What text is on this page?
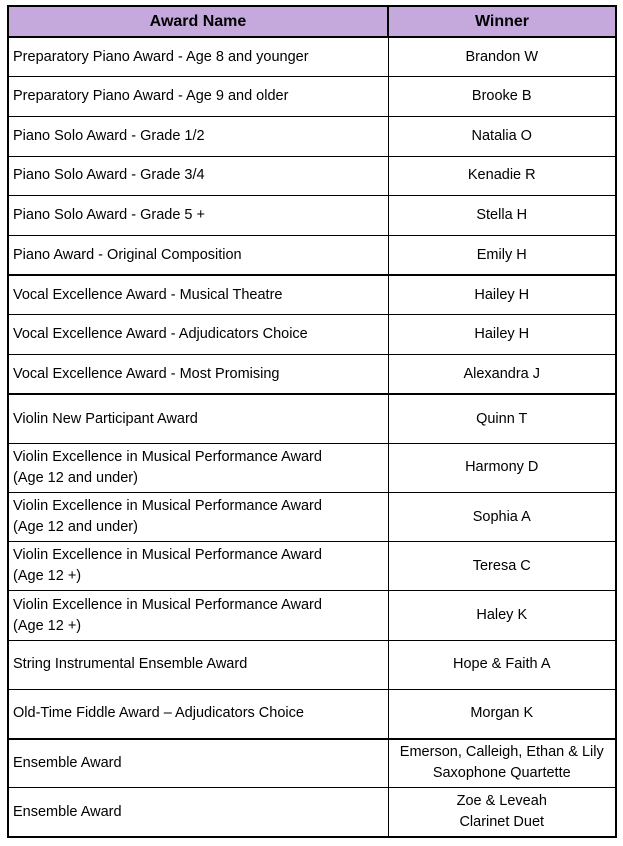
Award Name	Winner
Preparatory Piano Award - Age 8 and younger	Brandon W
Preparatory Piano Award - Age 9 and older	Brooke B
Piano Solo Award - Grade 1/2	Natalia O
Piano Solo Award - Grade 3/4	Kenadie R
Piano Solo Award - Grade 5 +	Stella H
Piano Award - Original Composition	Emily H
Vocal Excellence Award - Musical Theatre	Hailey H
Vocal Excellence Award - Adjudicators Choice	Hailey H
Vocal Excellence Award - Most Promising	Alexandra J
Violin New Participant Award	Quinn T

Violin Excellence in Musical Performance Award
(Age 12 and under)	Harmony D

Violin Excellence in Musical Performance Award
(Age 12 and under)	Sophia A

Violin Excellence in Musical Performance Award
(Age 12 +)	Teresa C

Violin Excellence in Musical Performance Award
(Age 12 +)	Haley K
String Instrumental Ensemble Award	Hope & Faith A
Old-Time Fiddle Award – Adjudicators Choice	Morgan K
Ensemble Award	Emerson, Calleigh, Ethan & Lily
Saxophone Quartette

Ensemble Award	Zoe & Leveah
Clarinet Duet
